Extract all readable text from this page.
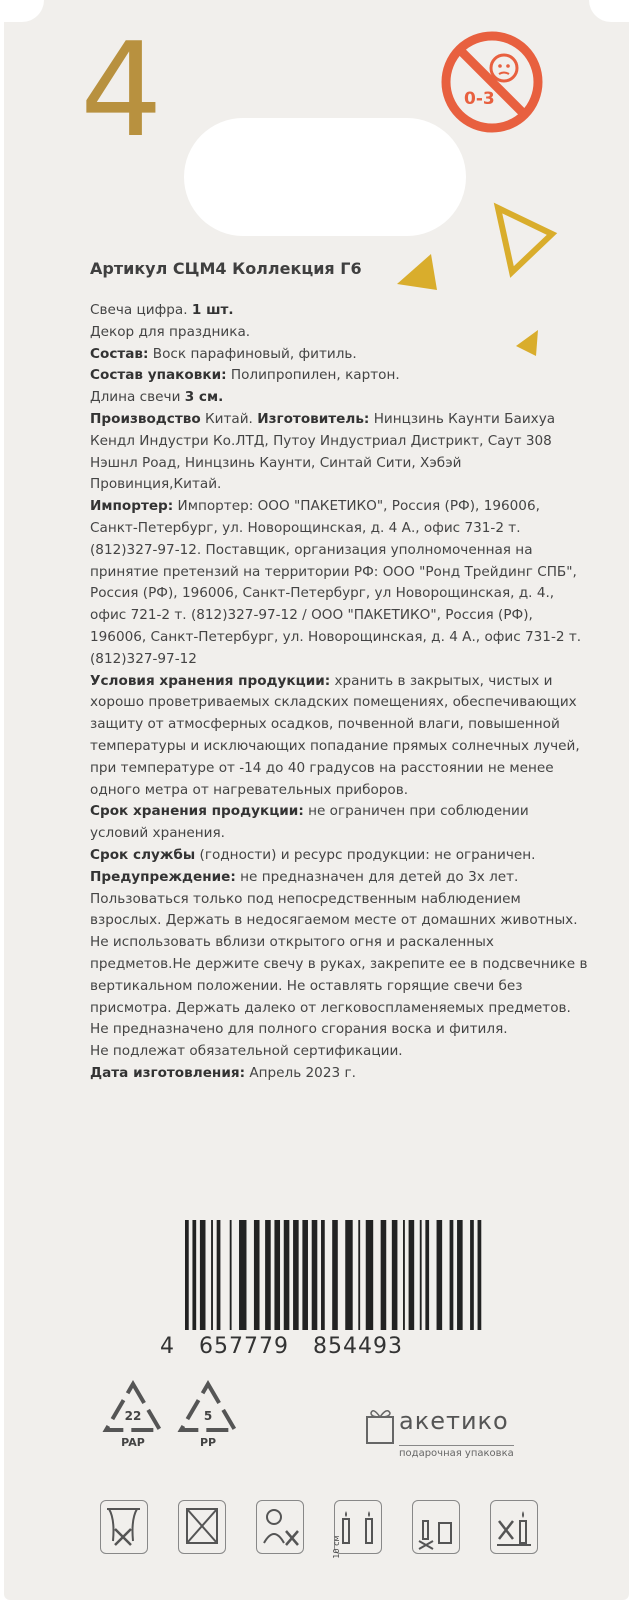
4	0-3
Артикул СЦМ4 Коллекция Г6

Свеча цифра. 1 шт.

Декор для праздника.

Состав: Воск парафиновый, фитиль.

Состав упаковки: Полипропилен, картон.

Длина свечи 3 см.

Производство Китай. Изготовитель: Нинцзинь Каунти Баихуа Кендл Индустри Ко.ЛТД, Путоу Индустриал Дистрикт, Саут 308 Нэшнл Роад, Нинцзинь Каунти, Синтай Сити, Хэбэй Провинция,Китай.

Импортер: Импортер: ООО "ПАКЕТИКО", Россия (РФ), 196006, Санкт-Петербург, ул. Новорощинская, д. 4 А., офис 731-2 т. (812)327-97-12. Поставщик, организация уполномоченная на принятие претензий на территории РФ: ООО "Ронд Трейдинг СПБ", Россия (РФ), 196006, Санкт-Петербург, ул Новорощинская, д. 4., офис 721-2 т. (812)327-97-12 / ООО "ПАКЕТИКО", Россия (РФ), 196006, Санкт-Петербург, ул. Новорощинская, д. 4 А., офис 731-2 т. (812)327-97-12

Условия хранения продукции: хранить в закрытых, чистых и хорошо проветриваемых складских помещениях, обеспечивающих защиту от атмосферных осадков, почвенной влаги, повышенной температуры и исключающих попадание прямых солнечных лучей, при температуре от -14 до 40 градусов на расстоянии не менее одного метра от нагревательных приборов.

Срок хранения продукции: не ограничен при соблюдении условий хранения.

Срок службы (годности) и ресурс продукции: не ограничен.

Предупреждение: не предназначен для детей до 3х лет. Пользоваться только под непосредственным наблюдением взрослых. Держать в недосягаемом месте от домашних животных. Не использовать вблизи открытого огня и раскаленных предметов.Не держите свечу в руках, закрепите ее в подсвечнике в вертикальном положении. Не оставлять горящие свечи без присмотра. Держать далеко от легковоспламеняемых предметов. Не предназначено для полного сгорания воска и фитиля.

Не подлежат обязательной сертификации.

Дата изготовления: Апрель 2023 г.

4 657779 854493
22
PAP
5
PP
акетико
подарочная упаковка
10 см
